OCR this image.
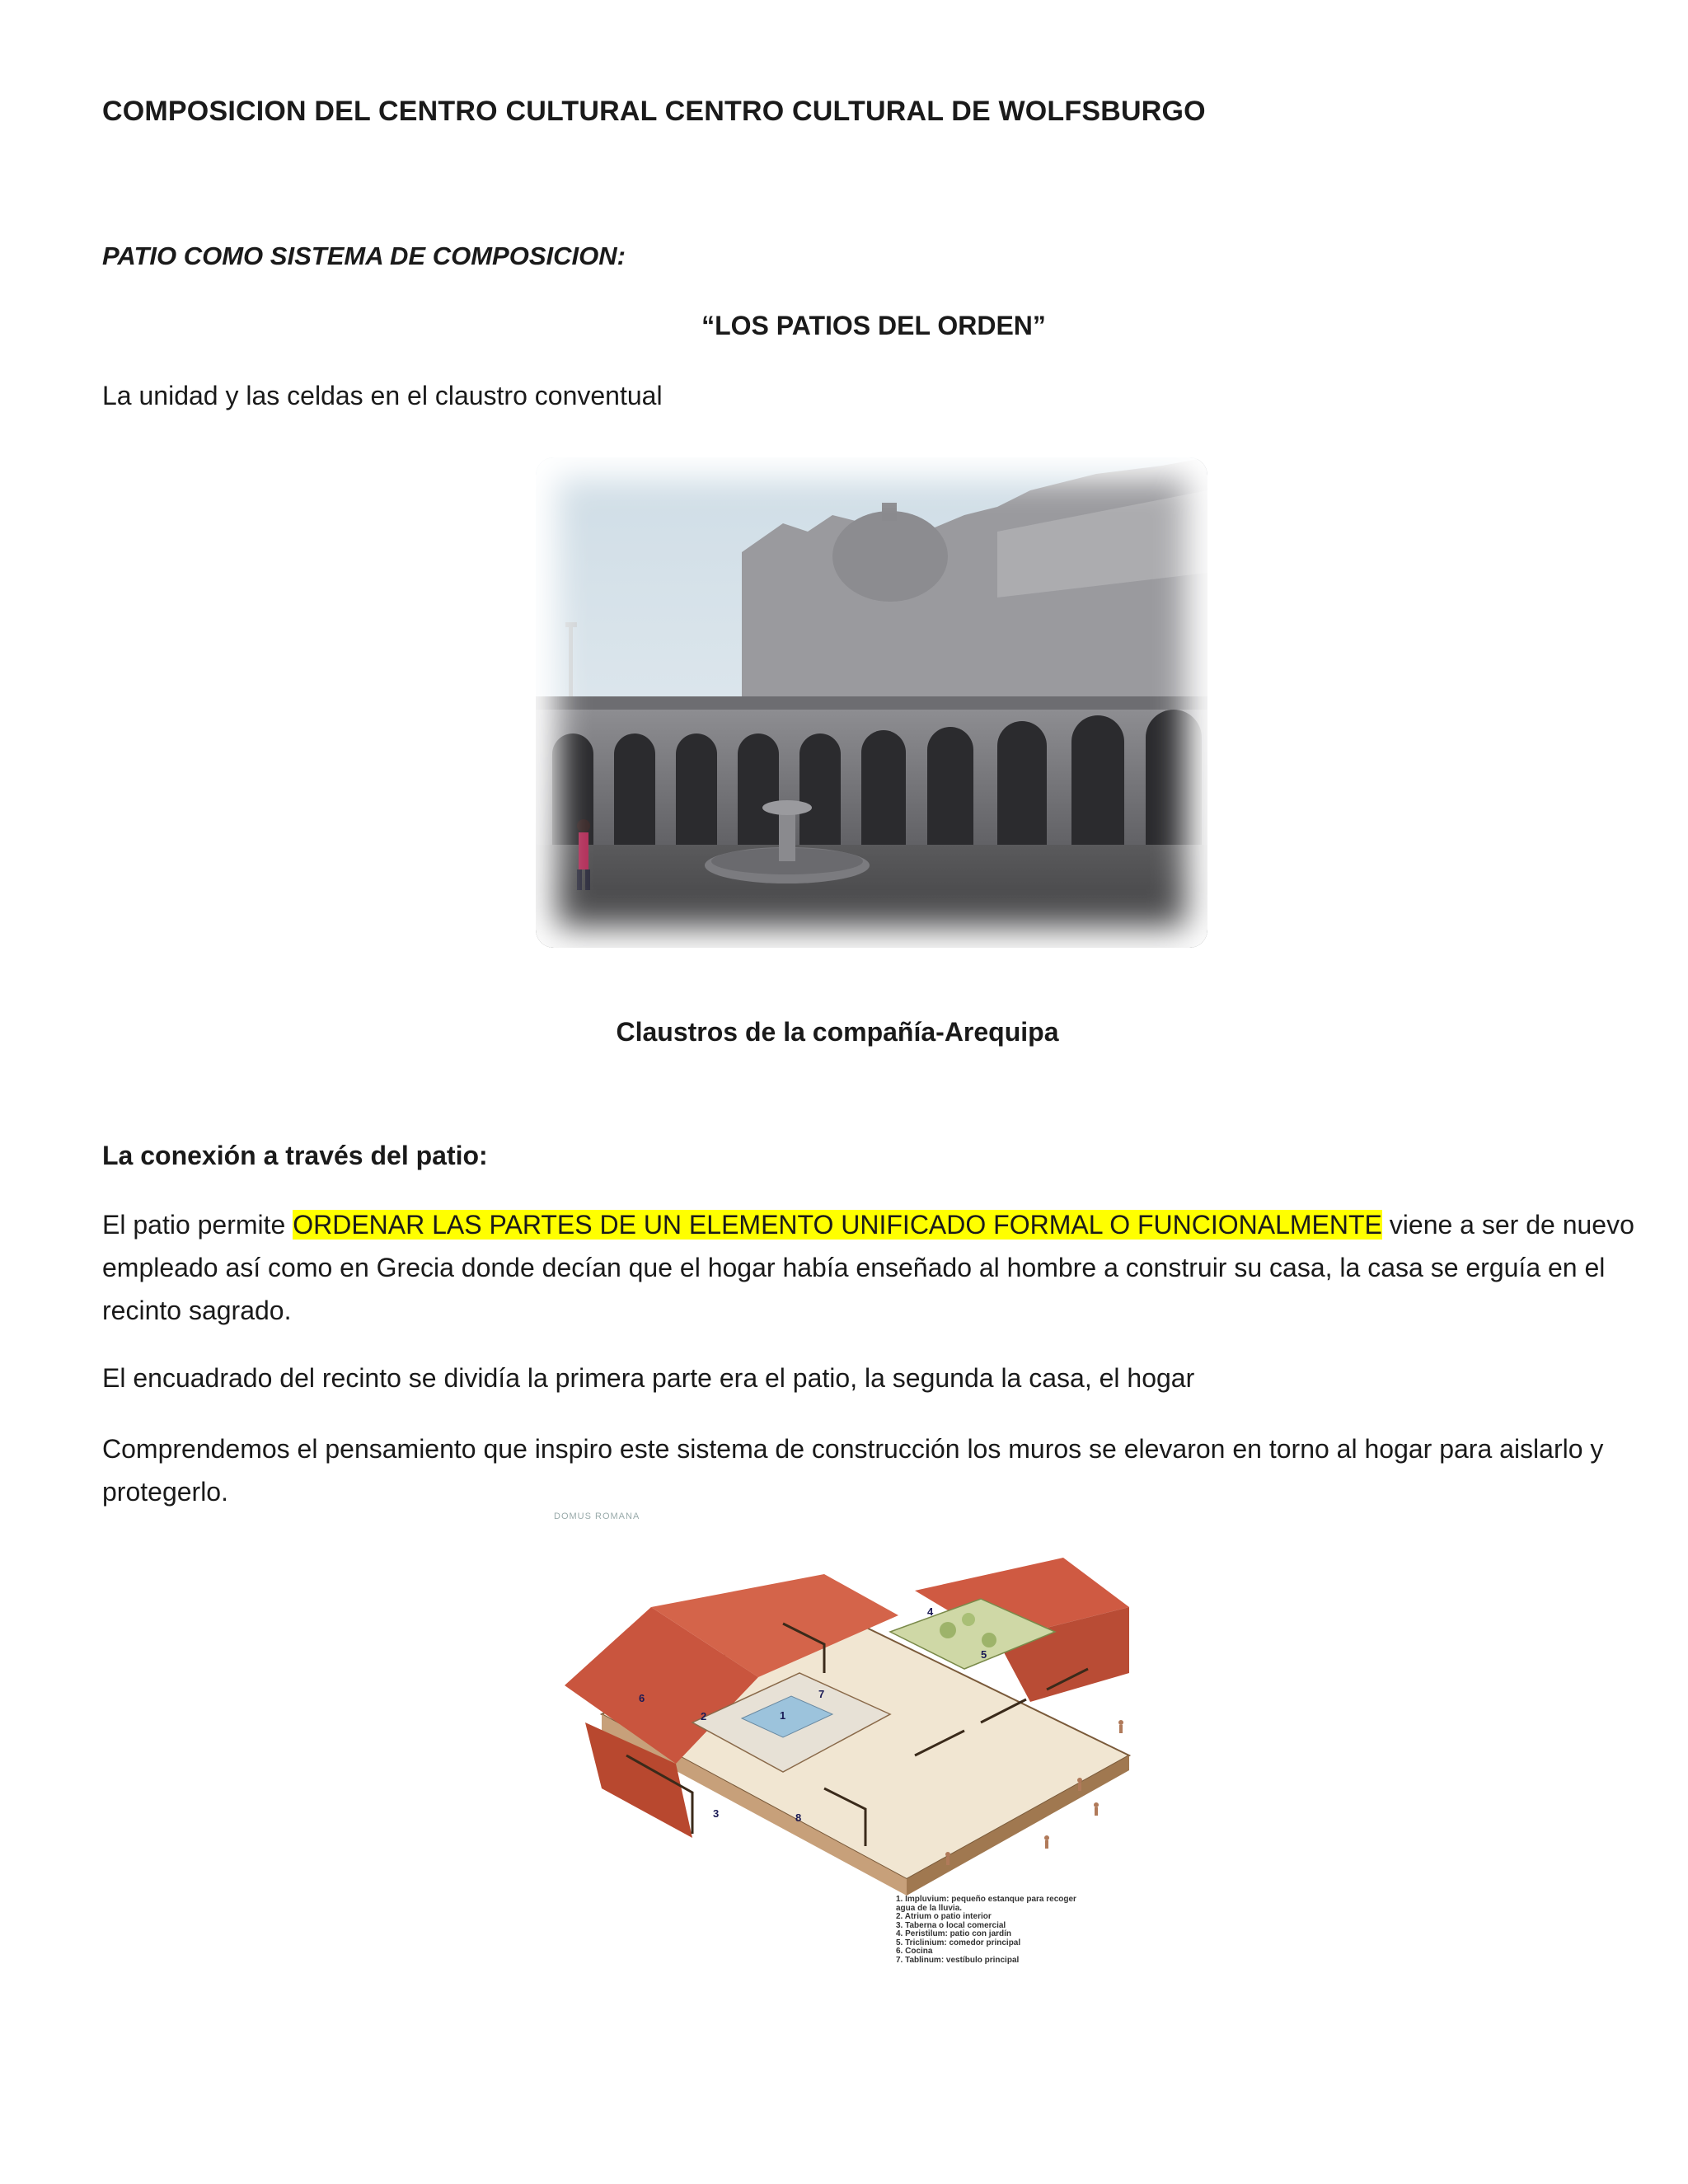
COMPOSICION DEL CENTRO CULTURAL CENTRO CULTURAL DE WOLFSBURGO
PATIO COMO SISTEMA DE COMPOSICION:
“LOS PATIOS DEL ORDEN”
La unidad y las celdas en el claustro conventual
Claustros de la compañía-Arequipa
La conexión a través del patio:
El patio permite ORDENAR LAS PARTES DE UN ELEMENTO UNIFICADO FORMAL O FUNCIONALMENTE viene a ser de nuevo empleado así como en Grecia donde decían que el hogar había enseñado al hombre a construir su casa, la casa se erguía en el recinto sagrado.
El encuadrado del recinto se dividía la primera parte era el patio, la segunda la casa, el hogar
Comprendemos el pensamiento que inspiro este sistema de construcción los muros se elevaron en torno al hogar para aislarlo y protegerlo.
DOMUS ROMANA
1
2
3
4
5
6	7
8
1. Impluvium: pequeño estanque para recoger
agua de la lluvia.
2. Atrium o patio interior
3. Taberna o local comercial
4. Peristilum: patio con jardín
5. Triclinium: comedor principal
6. Cocina
7. Tablinum: vestíbulo principal
